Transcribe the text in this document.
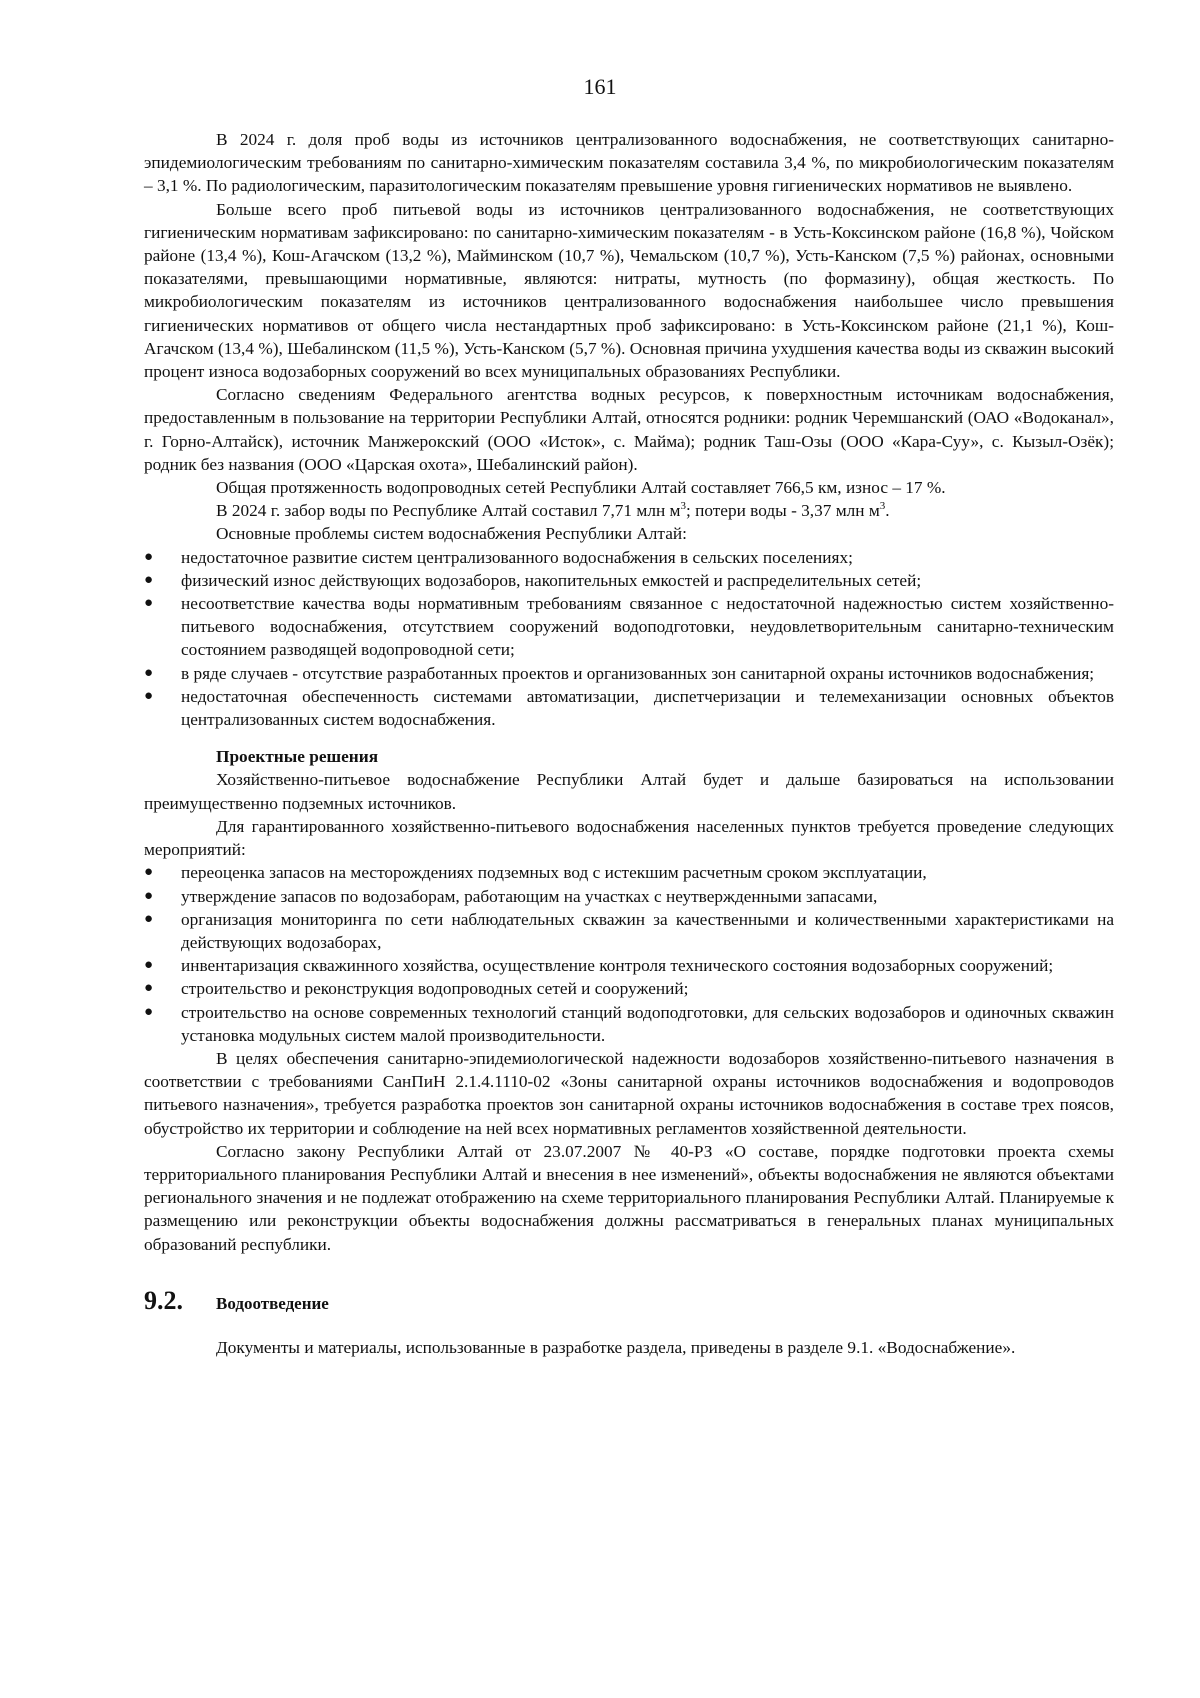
161

В 2024 г. доля проб воды из источников централизованного водоснабжения, не соответствующих санитарно-эпидемиологическим требованиям по санитарно-химическим показателям составила 3,4 %, по микробиологическим показателям – 3,1 %. По радиологическим, паразитологическим показателям превышение уровня гигиенических нормативов не выявлено.

Больше всего проб питьевой воды из источников централизованного водоснабжения, не соответствующих гигиеническим нормативам зафиксировано: по санитарно-химическим показателям - в Усть-Коксинском районе (16,8 %), Чойском районе (13,4 %), Кош-Агачском (13,2 %), Майминском (10,7 %), Чемальском (10,7 %), Усть-Канском (7,5 %) районах, основными показателями, превышающими нормативные, являются: нитраты, мутность (по формазину), общая жесткость. По микробиологическим показателям из источников централизованного водоснабжения наибольшее число превышения гигиенических нормативов от общего числа нестандартных проб зафиксировано: в Усть-Коксинском районе (21,1 %), Кош-Агачском (13,4 %), Шебалинском (11,5 %), Усть-Канском (5,7 %). Основная причина ухудшения качества воды из скважин высокий процент износа водозаборных сооружений во всех муниципальных образованиях Республики.

Согласно сведениям Федерального агентства водных ресурсов, к поверхностным источникам водоснабжения, предоставленным в пользование на территории Республики Алтай, относятся родники: родник Черемшанский (ОАО «Водоканал», г. Горно-Алтайск), источник Манжерокский (ООО «Исток», с. Майма); родник Таш-Озы (ООО «Кара-Суу», с. Кызыл-Озёк); родник без названия (ООО «Царская охота», Шебалинский район).

Общая протяженность водопроводных сетей Республики Алтай составляет 766,5 км, износ – 17 %.

В 2024 г. забор воды по Республике Алтай составил 7,71 млн $м^3$; потери воды - 3,37 млн $м^3$.

Основные проблемы систем водоснабжения Республики Алтай:

● недостаточное развитие систем централизованного водоснабжения в сельских поселениях;
● физический износ действующих водозаборов, накопительных емкостей и распределительных сетей;
● несоответствие качества воды нормативным требованиям связанное с недостаточной надежностью систем хозяйственно-питьевого водоснабжения, отсутствием сооружений водоподготовки, неудовлетворительным санитарно-техническим состоянием разводящей водопроводной сети;
● в ряде случаев - отсутствие разработанных проектов и организованных зон санитарной охраны источников водоснабжения;
● недостаточная обеспеченность системами автоматизации, диспетчеризации и телемеханизации основных объектов централизованных систем водоснабжения.
Проектные решения

Хозяйственно-питьевое водоснабжение Республики Алтай будет и дальше базироваться на использовании преимущественно подземных источников.

Для гарантированного хозяйственно-питьевого водоснабжения населенных пунктов требуется проведение следующих мероприятий:

● переоценка запасов на месторождениях подземных вод с истекшим расчетным сроком эксплуатации,
● утверждение запасов по водозаборам, работающим на участках с неутвержденными запасами,
● организация мониторинга по сети наблюдательных скважин за качественными и количественными характеристиками на действующих водозаборах,
● инвентаризация скважинного хозяйства, осуществление контроля технического состояния водозаборных сооружений;
● строительство и реконструкция водопроводных сетей и сооружений;
● строительство на основе современных технологий станций водоподготовки, для сельских водозаборов и одиночных скважин установка модульных систем малой производительности.

В целях обеспечения санитарно-эпидемиологической надежности водозаборов хозяйственно-питьевого назначения в соответствии с требованиями СанПиН 2.1.4.1110-02 «Зоны санитарной охраны источников водоснабжения и водопроводов питьевого назначения», требуется разработка проектов зон санитарной охраны источников водоснабжения в составе трех поясов, обустройство их территории и соблюдение на ней всех нормативных регламентов хозяйственной деятельности.

Согласно закону Республики Алтай от 23.07.2007 № 40-РЗ «О составе, порядке подготовки проекта схемы территориального планирования Республики Алтай и внесения в нее изменений», объекты водоснабжения не являются объектами регионального значения и не подлежат отображению на схеме территориального планирования Республики Алтай. Планируемые к размещению или реконструкции объекты водоснабжения должны рассматриваться в генеральных планах муниципальных образований республики.

9.2.	Водоотведение

Документы и материалы, использованные в разработке раздела, приведены в разделе 9.1. «Водоснабжение».
